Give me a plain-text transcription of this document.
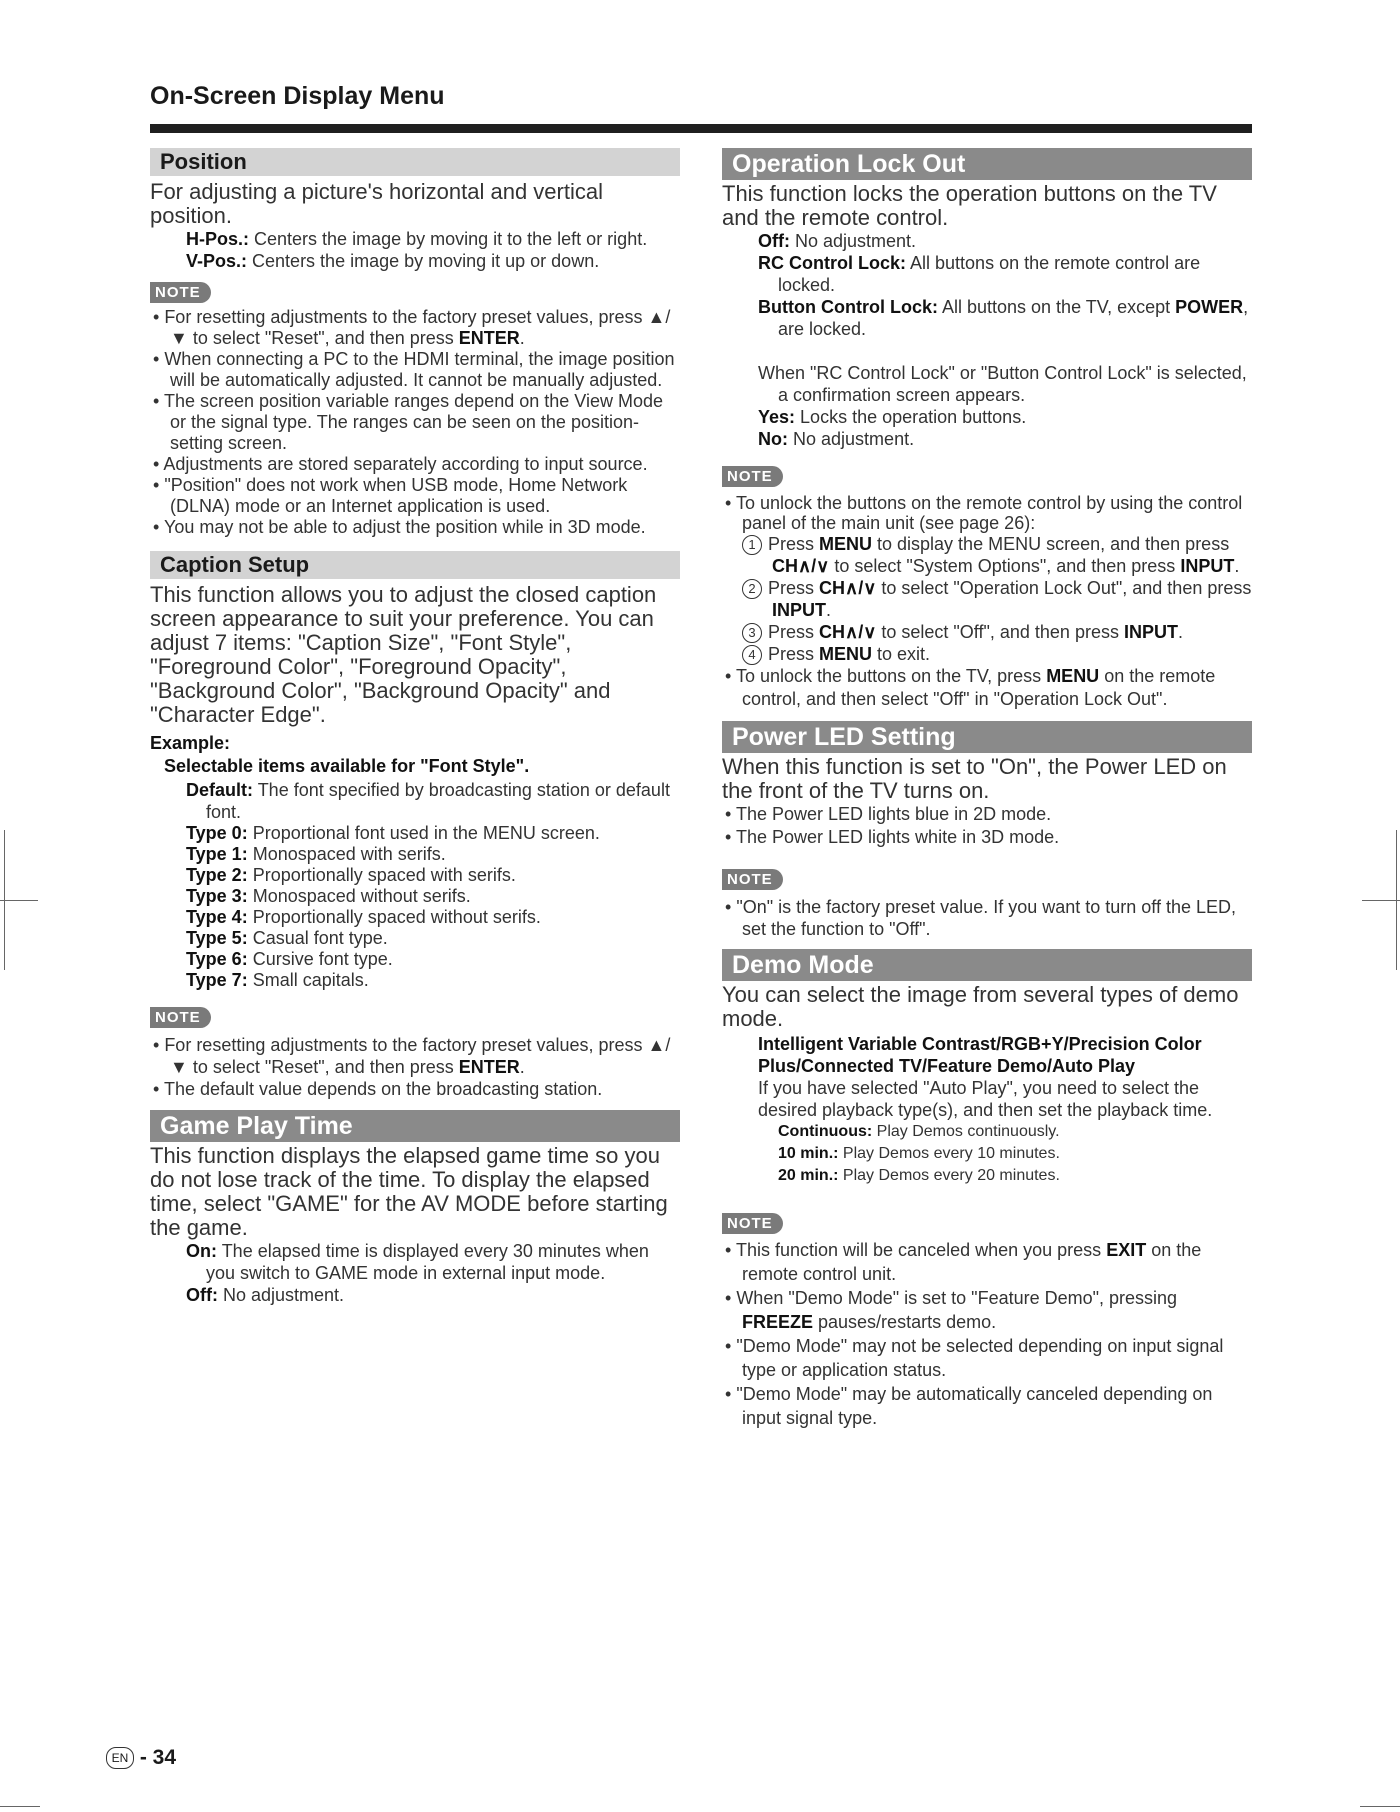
On-Screen Display Menu
Position
For adjusting a picture's horizontal and vertical position.
H-Pos.: Centers the image by moving it to the left or right.
V-Pos.: Centers the image by moving it up or down.
NOTE
• For resetting adjustments to the factory preset values, press ▲/▼ to select "Reset", and then press ENTER.
• When connecting a PC to the HDMI terminal, the image position will be automatically adjusted. It cannot be manually adjusted.
• The screen position variable ranges depend on the View Mode or the signal type. The ranges can be seen on the position-setting screen.
• Adjustments are stored separately according to input source.
• "Position" does not work when USB mode, Home Network (DLNA) mode or an Internet application is used.
• You may not be able to adjust the position while in 3D mode.
Caption Setup
This function allows you to adjust the closed caption screen appearance to suit your preference. You can adjust 7 items: "Caption Size", "Font Style", "Foreground Color", "Foreground Opacity", "Background Color", "Background Opacity" and "Character Edge".
Example:
Selectable items available for "Font Style".
Default: The font specified by broadcasting station or default font.
Type 0: Proportional font used in the MENU screen.
Type 1: Monospaced with serifs.
Type 2: Proportionally spaced with serifs.
Type 3: Monospaced without serifs.
Type 4: Proportionally spaced without serifs.
Type 5: Casual font type.
Type 6: Cursive font type.
Type 7: Small capitals.
NOTE
• For resetting adjustments to the factory preset values, press ▲/▼ to select "Reset", and then press ENTER.
• The default value depends on the broadcasting station.
Game Play Time
This function displays the elapsed game time so you do not lose track of the time. To display the elapsed time, select "GAME" for the AV MODE before starting the game.
On: The elapsed time is displayed every 30 minutes when you switch to GAME mode in external input mode.
Off: No adjustment.
Operation Lock Out
This function locks the operation buttons on the TV and the remote control.
Off: No adjustment.
RC Control Lock: All buttons on the remote control are locked.
Button Control Lock: All buttons on the TV, except POWER, are locked.
When "RC Control Lock" or "Button Control Lock" is selected, a confirmation screen appears.
Yes: Locks the operation buttons.
No: No adjustment.
NOTE
• To unlock the buttons on the remote control by using the control panel of the main unit (see page 26):
1 Press MENU to display the MENU screen, and then press CH∧/∨ to select "System Options", and then press INPUT.
2 Press CH∧/∨ to select "Operation Lock Out", and then press INPUT.
3 Press CH∧/∨ to select "Off", and then press INPUT.
4 Press MENU to exit.
• To unlock the buttons on the TV, press MENU on the remote control, and then select "Off" in "Operation Lock Out".
Power LED Setting
When this function is set to "On", the Power LED on the front of the TV turns on.
• The Power LED lights blue in 2D mode.
• The Power LED lights white in 3D mode.
NOTE
• "On" is the factory preset value. If you want to turn off the LED, set the function to "Off".
Demo Mode
You can select the image from several types of demo mode.
Intelligent Variable Contrast/RGB+Y/Precision Color Plus/Connected TV/Feature Demo/Auto Play
If you have selected "Auto Play", you need to select the desired playback type(s), and then set the playback time.
Continuous: Play Demos continuously.
10 min.: Play Demos every 10 minutes.
20 min.: Play Demos every 20 minutes.
NOTE
• This function will be canceled when you press EXIT on the remote control unit.
• When "Demo Mode" is set to "Feature Demo", pressing FREEZE pauses/restarts demo.
• "Demo Mode" may not be selected depending on input signal type or application status.
• "Demo Mode" may be automatically canceled depending on input signal type.
EN - 34
